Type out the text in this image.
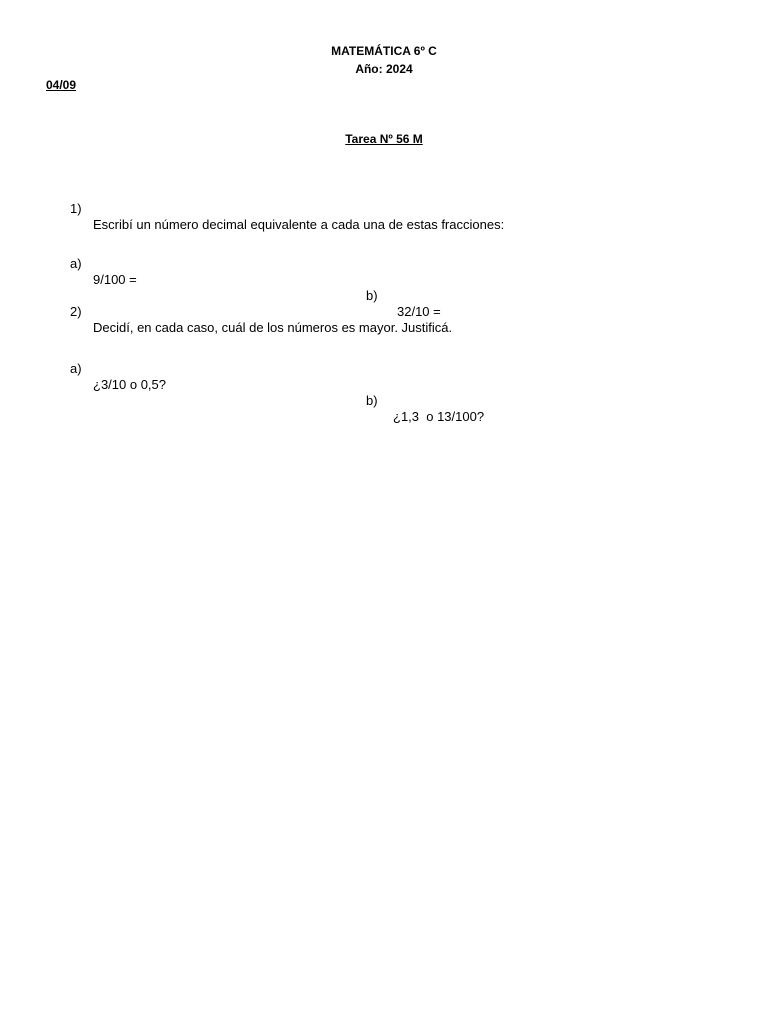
MATEMÁTICA 6º C
Año: 2024
04/09
Tarea Nº 56 M

1)

Escribí un número decimal equivalente a cada una de estas fracciones:

a)

9/100 =

b)

32/10 =

2)

Decidí, en cada caso, cuál de los números es mayor. Justificá.

a)

¿3/10 o 0,5?

b)

¿1,3  o 13/100?
